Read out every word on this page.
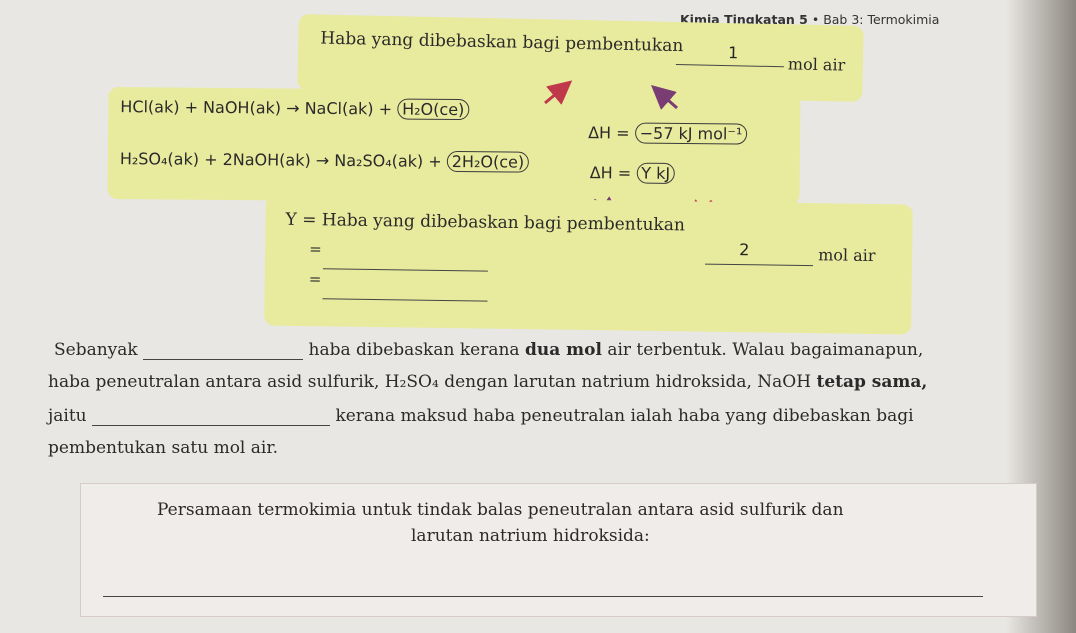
Kimia Tingkatan 5 • Bab 3: Termokimia
Haba yang dibebaskan bagi pembentukan	1
mol air
HCl(ak) + NaOH(ak) → NaCl(ak) + H₂O(ce)
ΔH = −57 kJ mol⁻¹
H₂SO₄(ak) + 2NaOH(ak) → Na₂SO₄(ak) + 2H₂O(ce)
ΔH = Y kJ
Y = Haba yang dibebaskan bagi pembentukan
2	mol air
=
=
Sebanyak	haba dibebaskan kerana dua mol air terbentuk. Walau bagaimanapun,
haba peneutralan antara asid sulfurik, H₂SO₄ dengan larutan natrium hidroksida, NaOH tetap sama,
jaitu	kerana maksud haba peneutralan ialah haba yang dibebaskan bagi
pembentukan satu mol air.
Persamaan termokimia untuk tindak balas peneutralan antara asid sulfurik dan
larutan natrium hidroksida:
